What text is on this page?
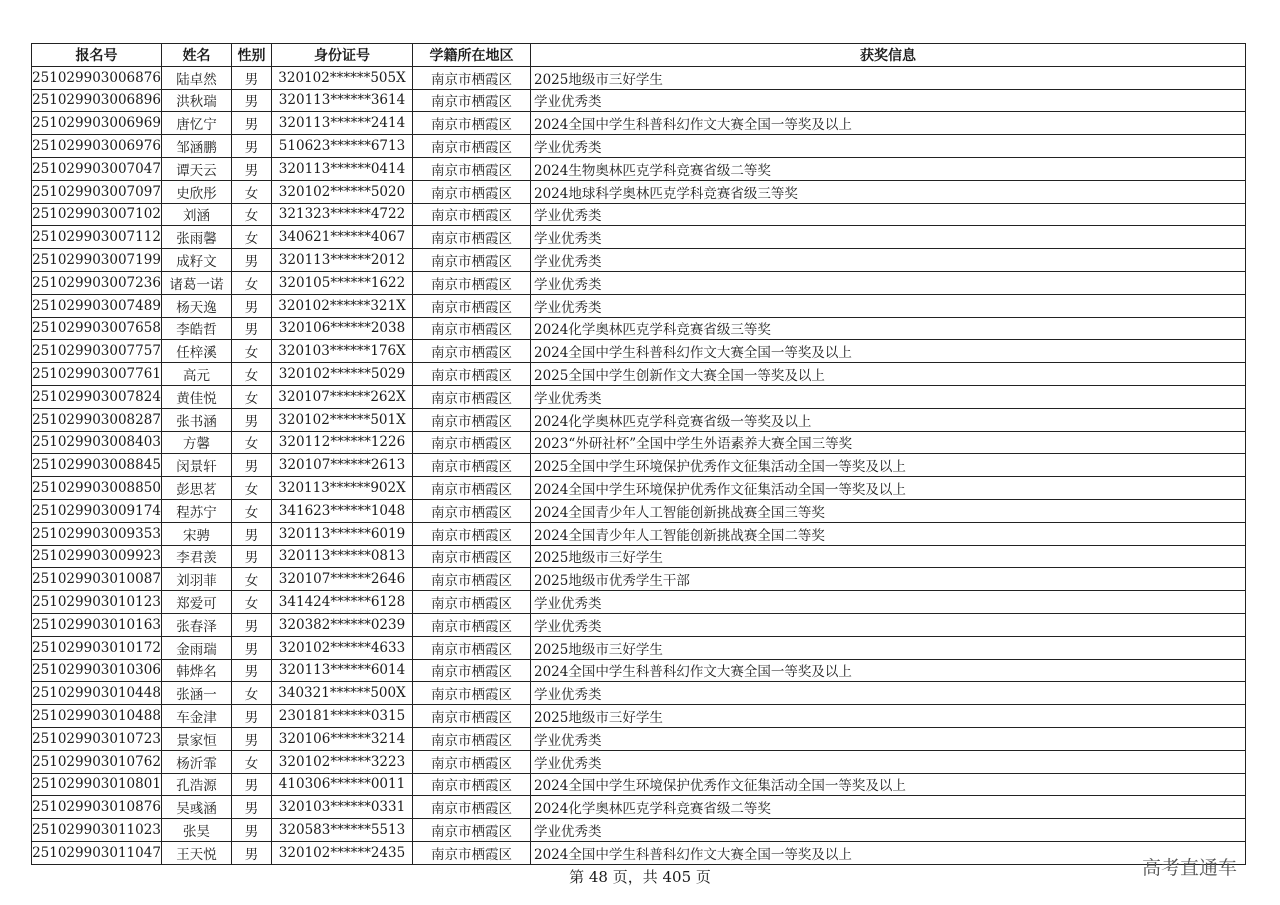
报名号	姓名	性别	身份证号	学籍所在地区	获奖信息
251029903006876	陆卓然	男	320102******505X	南京市栖霞区	2025地级市三好学生
251029903006896	洪秋瑞	男	320113******3614	南京市栖霞区	学业优秀类
251029903006969	唐忆宁	男	320113******2414	南京市栖霞区	2024全国中学生科普科幻作文大赛全国一等奖及以上
251029903006976	邹涵鹏	男	510623******6713	南京市栖霞区	学业优秀类
251029903007047	谭天云	男	320113******0414	南京市栖霞区	2024生物奥林匹克学科竞赛省级二等奖
251029903007097	史欣彤	女	320102******5020	南京市栖霞区	2024地球科学奥林匹克学科竞赛省级三等奖
251029903007102	刘涵	女	321323******4722	南京市栖霞区	学业优秀类
251029903007112	张雨馨	女	340621******4067	南京市栖霞区	学业优秀类
251029903007199	成籽文	男	320113******2012	南京市栖霞区	学业优秀类
251029903007236	诸葛一诺	女	320105******1622	南京市栖霞区	学业优秀类
251029903007489	杨天逸	男	320102******321X	南京市栖霞区	学业优秀类
251029903007658	李皓哲	男	320106******2038	南京市栖霞区	2024化学奥林匹克学科竞赛省级三等奖
251029903007757	任梓溪	女	320103******176X	南京市栖霞区	2024全国中学生科普科幻作文大赛全国一等奖及以上
251029903007761	高元	女	320102******5029	南京市栖霞区	2025全国中学生创新作文大赛全国一等奖及以上
251029903007824	黄佳悦	女	320107******262X	南京市栖霞区	学业优秀类
251029903008287	张书涵	男	320102******501X	南京市栖霞区	2024化学奥林匹克学科竞赛省级一等奖及以上
251029903008403	方馨	女	320112******1226	南京市栖霞区	2023“外研社杯”全国中学生外语素养大赛全国三等奖
251029903008845	闵景轩	男	320107******2613	南京市栖霞区	2025全国中学生环境保护优秀作文征集活动全国一等奖及以上
251029903008850	彭思茗	女	320113******902X	南京市栖霞区	2024全国中学生环境保护优秀作文征集活动全国一等奖及以上
251029903009174	程苏宁	女	341623******1048	南京市栖霞区	2024全国青少年人工智能创新挑战赛全国三等奖
251029903009353	宋骋	男	320113******6019	南京市栖霞区	2024全国青少年人工智能创新挑战赛全国二等奖
251029903009923	李君羡	男	320113******0813	南京市栖霞区	2025地级市三好学生
251029903010087	刘羽菲	女	320107******2646	南京市栖霞区	2025地级市优秀学生干部
251029903010123	郑爱可	女	341424******6128	南京市栖霞区	学业优秀类
251029903010163	张春泽	男	320382******0239	南京市栖霞区	学业优秀类
251029903010172	金雨瑞	男	320102******4633	南京市栖霞区	2025地级市三好学生
251029903010306	韩烨名	男	320113******6014	南京市栖霞区	2024全国中学生科普科幻作文大赛全国一等奖及以上
251029903010448	张涵一	女	340321******500X	南京市栖霞区	学业优秀类
251029903010488	车金津	男	230181******0315	南京市栖霞区	2025地级市三好学生
251029903010723	景家恒	男	320106******3214	南京市栖霞区	学业优秀类
251029903010762	杨沂霏	女	320102******3223	南京市栖霞区	学业优秀类
251029903010801	孔浩源	男	410306******0011	南京市栖霞区	2024全国中学生环境保护优秀作文征集活动全国一等奖及以上
251029903010876	吴彧涵	男	320103******0331	南京市栖霞区	2024化学奥林匹克学科竞赛省级二等奖
251029903011023	张昊	男	320583******5513	南京市栖霞区	学业优秀类
251029903011047	王天悦	男	320102******2435	南京市栖霞区	2024全国中学生科普科幻作文大赛全国一等奖及以上
第 48 页，共 405 页	高考直通车
